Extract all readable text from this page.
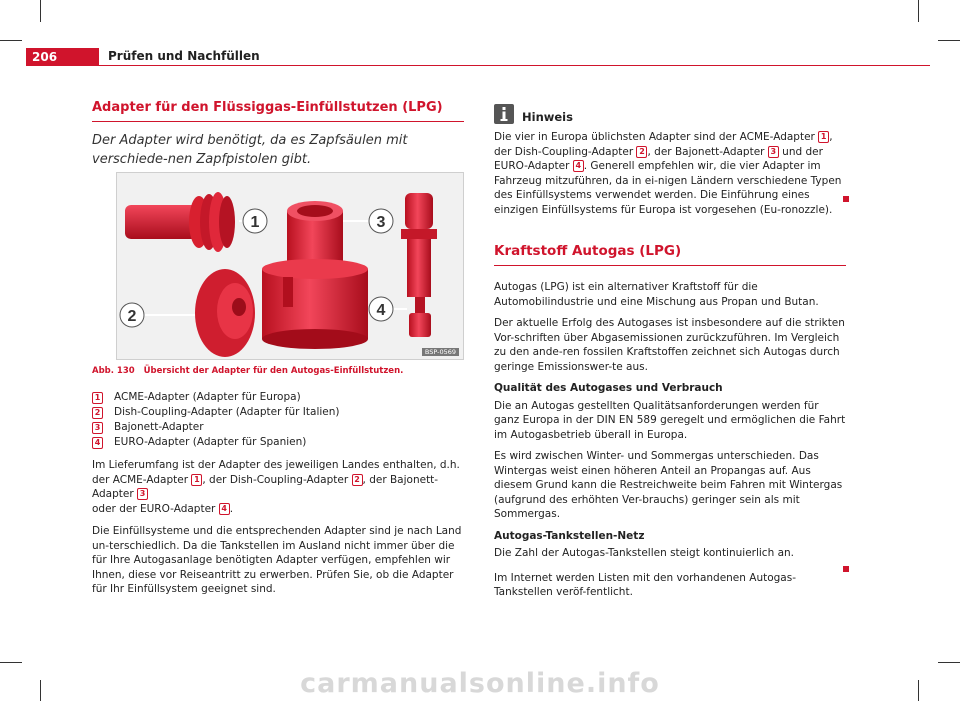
206	Prüfen und Nachfüllen
Adapter für den Flüssiggas-Einfüllstutzen (LPG)
Der Adapter wird benötigt, da es Zapfsäulen mit verschiede-nen Zapfpistolen gibt.
1
2
3
4
BSP-0569
Abb. 130 Übersicht der Adapter für den Autogas-Einfüllstutzen.
1 ACME-Adapter (Adapter für Europa)
2 Dish-Coupling-Adapter (Adapter für Italien)
3 Bajonett-Adapter
4 EURO-Adapter (Adapter für Spanien)

Im Lieferumfang ist der Adapter des jeweiligen Landes enthalten, d.h. der ACME-Adapter 1 , der Dish-Coupling-Adapter 2 , der Bajonett-Adapter 3
oder der EURO-Adapter 4 .

Die Einfüllsysteme und die entsprechenden Adapter sind je nach Land un-terschiedlich. Da die Tankstellen im Ausland nicht immer über die für Ihre Autogasanlage benötigten Adapter verfügen, empfehlen wir Ihnen, diese vor Reiseantritt zu erwerben. Prüfen Sie, ob die Adapter für Ihr Einfüllsystem geeignet sind.

Hinweis

Die vier in Europa üblichsten Adapter sind der ACME-Adapter 1 , der Dish-Coupling-Adapter 2 , der Bajonett-Adapter 3 und der EURO-Adapter 4 . Generell empfehlen wir, die vier Adapter im Fahrzeug mitzuführen, da in ei-nigen Ländern verschiedene Typen des Einfüllsystems verwendet werden. Die Einführung eines einzigen Einfüllsystems für Europa ist vorgesehen (Eu-ronozzle).

Kraftstoff Autogas (LPG)

Autogas (LPG) ist ein alternativer Kraftstoff für die Automobilindustrie und eine Mischung aus Propan und Butan.

Der aktuelle Erfolg des Autogases ist insbesondere auf die strikten Vor-schriften über Abgasemissionen zurückzuführen. Im Vergleich zu den ande-ren fossilen Kraftstoffen zeichnet sich Autogas durch geringe Emissionswer-te aus.

Qualität des Autogases und Verbrauch

Die an Autogas gestellten Qualitätsanforderungen werden für ganz Europa in der DIN EN 589 geregelt und ermöglichen die Fahrt im Autogasbetrieb überall in Europa.

Es wird zwischen Winter- und Sommergas unterschieden. Das Wintergas weist einen höheren Anteil an Propangas auf. Aus diesem Grund kann die Restreichweite beim Fahren mit Wintergas (aufgrund des erhöhten Ver-brauchs) geringer sein als mit Sommergas.

Autogas-Tankstellen-Netz

Die Zahl der Autogas-Tankstellen steigt kontinuierlich an.

Im Internet werden Listen mit den vorhandenen Autogas-Tankstellen veröf-fentlicht.

carmanualsonline.info
